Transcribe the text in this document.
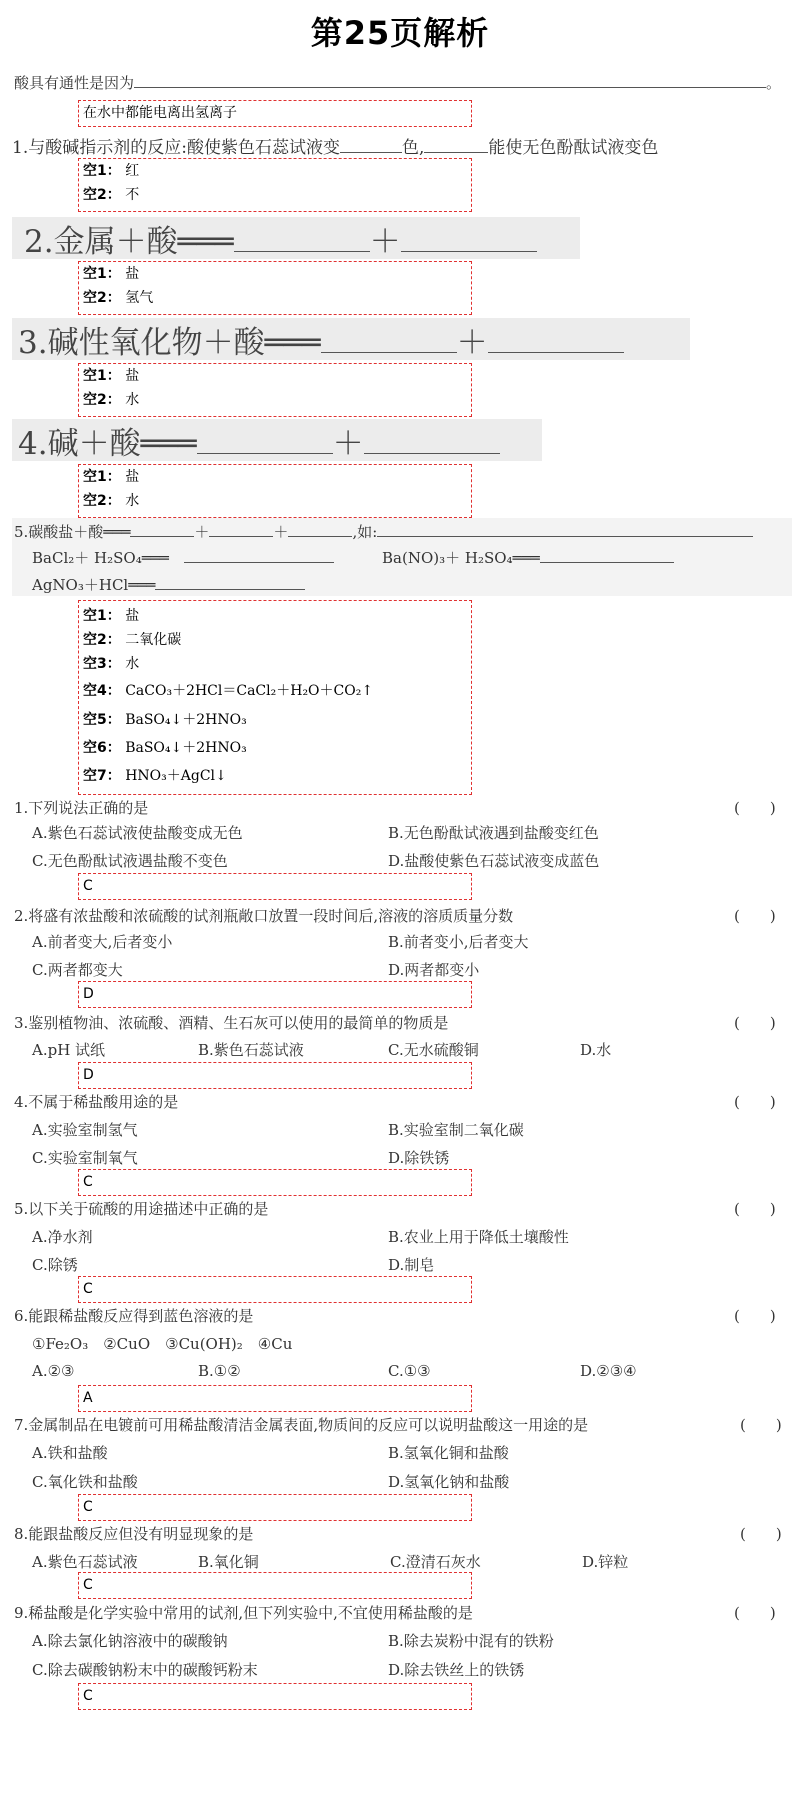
第25页解析
酸具有通性是因为	。
在水中都能电离出氢离子
1.与酸碱指示剂的反应:酸使紫色石蕊试液变	色,	能使无色酚酞试液变色
空1： 红
空2： 不
2.金属＋酸═══	＋
空1： 盐
空2： 氢气
3.碱性氧化物＋酸═══	＋
空1： 盐
空2： 水
4.碱＋酸═══	＋
空1： 盐
空2： 水
5.碳酸盐＋酸═══	＋	＋	,如:
BaCl₂＋ H₂SO₄═══　	Ba(NO)₃＋ H₂SO₄═══
AgNO₃＋HCl═══
空1： 盐
空2： 二氧化碳
空3： 水
空4： CaCO₃＋2HCl＝CaCl₂＋H₂O＋CO₂↑
空5： BaSO₄↓＋2HNO₃
空6： BaSO₄↓＋2HNO₃
空7： HNO₃＋AgCl↓
1.下列说法正确的是	(　　)
A.紫色石蕊试液使盐酸变成无色	B.无色酚酞试液遇到盐酸变红色
C.无色酚酞试液遇盐酸不变色	D.盐酸使紫色石蕊试液变成蓝色
C
2.将盛有浓盐酸和浓硫酸的试剂瓶敞口放置一段时间后,溶液的溶质质量分数	(　　)
A.前者变大,后者变小	B.前者变小,后者变大
C.两者都变大	D.两者都变小
D
3.鉴别植物油、浓硫酸、酒精、生石灰可以使用的最简单的物质是	(　　)
A.pH 试纸	B.紫色石蕊试液	C.无水硫酸铜	D.水
D
4.不属于稀盐酸用途的是	(　　)
A.实验室制氢气	B.实验室制二氧化碳
C.实验室制氧气	D.除铁锈
C
5.以下关于硫酸的用途描述中正确的是	(　　)
A.净水剂	B.农业上用于降低土壤酸性
C.除锈	D.制皂
C
6.能跟稀盐酸反应得到蓝色溶液的是	(　　)
①Fe₂O₃　②CuO　③Cu(OH)₂　④Cu
A.②③	B.①②	C.①③	D.②③④
A
7.金属制品在电镀前可用稀盐酸清洁金属表面,物质间的反应可以说明盐酸这一用途的是	(　　)
A.铁和盐酸	B.氢氧化铜和盐酸
C.氧化铁和盐酸	D.氢氧化钠和盐酸
C
8.能跟盐酸反应但没有明显现象的是	(　　)
A.紫色石蕊试液	B.氧化铜	C.澄清石灰水	D.锌粒
C
9.稀盐酸是化学实验中常用的试剂,但下列实验中,不宜使用稀盐酸的是	(　　)
A.除去氯化钠溶液中的碳酸钠	B.除去炭粉中混有的铁粉
C.除去碳酸钠粉末中的碳酸钙粉末	D.除去铁丝上的铁锈
C
